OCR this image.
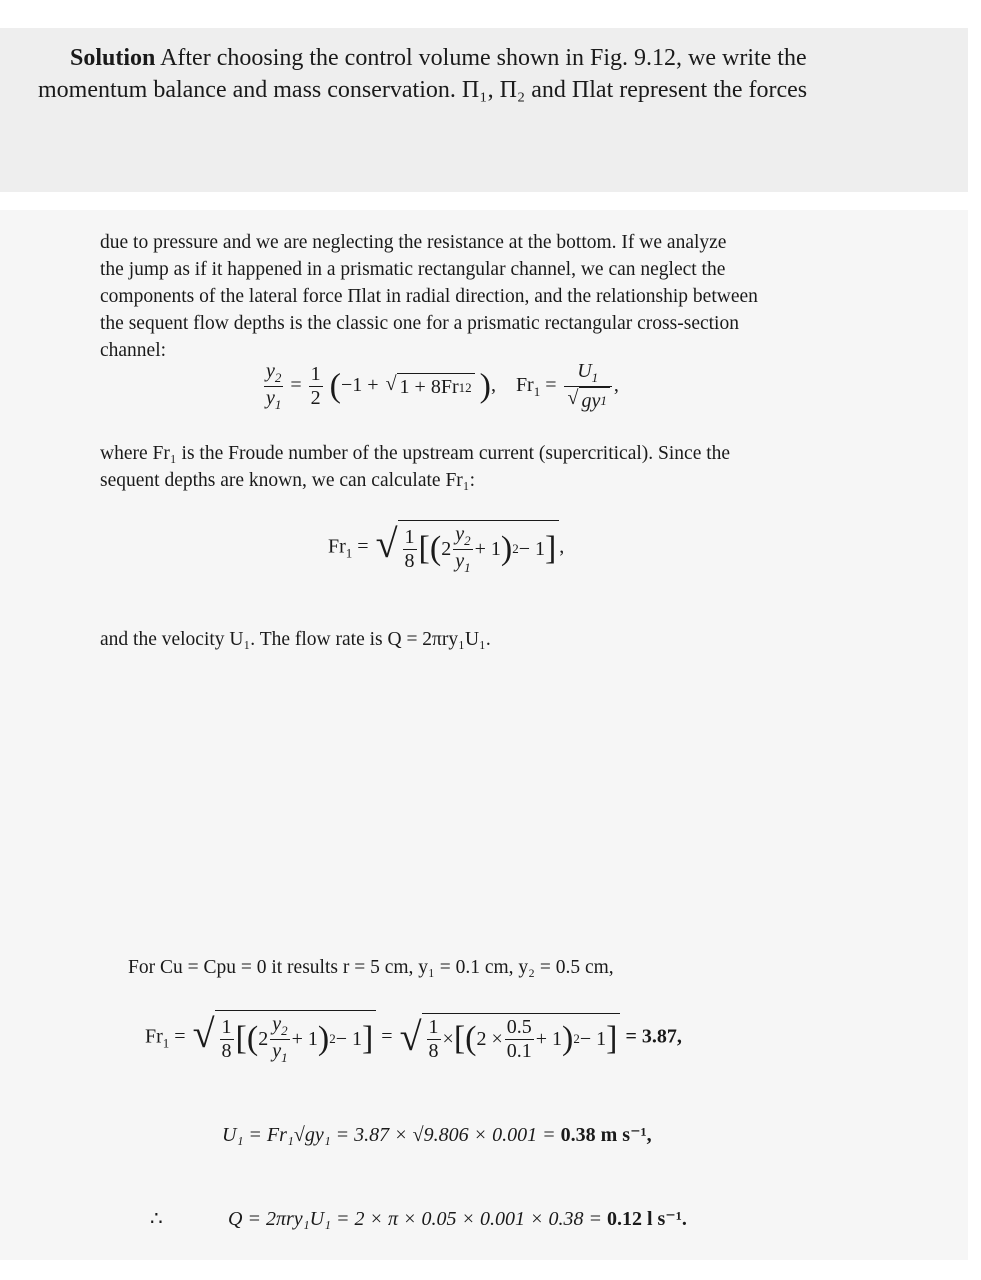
Solution After choosing the control volume shown in Fig. 9.12, we write the
momentum balance and mass conservation. Π₁, Π₂ and Πlat represent the forces
due to pressure and we are neglecting the resistance at the bottom. If we analyze
the jump as if it happened in a prismatic rectangular channel, we can neglect the
components of the lateral force Πlat in radial direction, and the relationship between
the sequent flow depths is the classic one for a prismatic rectangular cross-section
channel:
$\frac{y_2}{y_1} = \frac{1}{2} (-1$ + √ 1 + 8Fr 1 2 ),    $Fr_1 = \frac{U_1}{√ gy 1}$ ,
where Fr₁ is the Froude number of the upstream current (supercritical). Since the
sequent depths are known, we can calculate Fr₁:
$Fr_1$ = √ $\frac{1}{8}$ [ ( $2 \frac{y_2}{y_1} + 1$ ) 2 − 1 ] ,
and the velocity U₁. The flow rate is Q = 2πry₁U₁.
For Cu = Cpu = 0 it results r = 5 cm, y₁ = 0.1 cm, y₂ = 0.5 cm,
$Fr_1$ = √ $\frac{1}{8}$ [ ( $2 \frac{y_2}{y_1} + 1$ ) 2 − 1 ] = √ $\frac{1}{8}$ × [ ( $2 \times \frac{0.5}{0.1} + 1$ ) 2 − 1 ] = 3.87,
U₁ = Fr₁√gy₁ = 3.87 × √9.806 × 0.001 = 0.38 m s⁻¹,
∴	Q = 2πry₁U₁ = 2 × π × 0.05 × 0.001 × 0.38 = 0.12 l s⁻¹.
